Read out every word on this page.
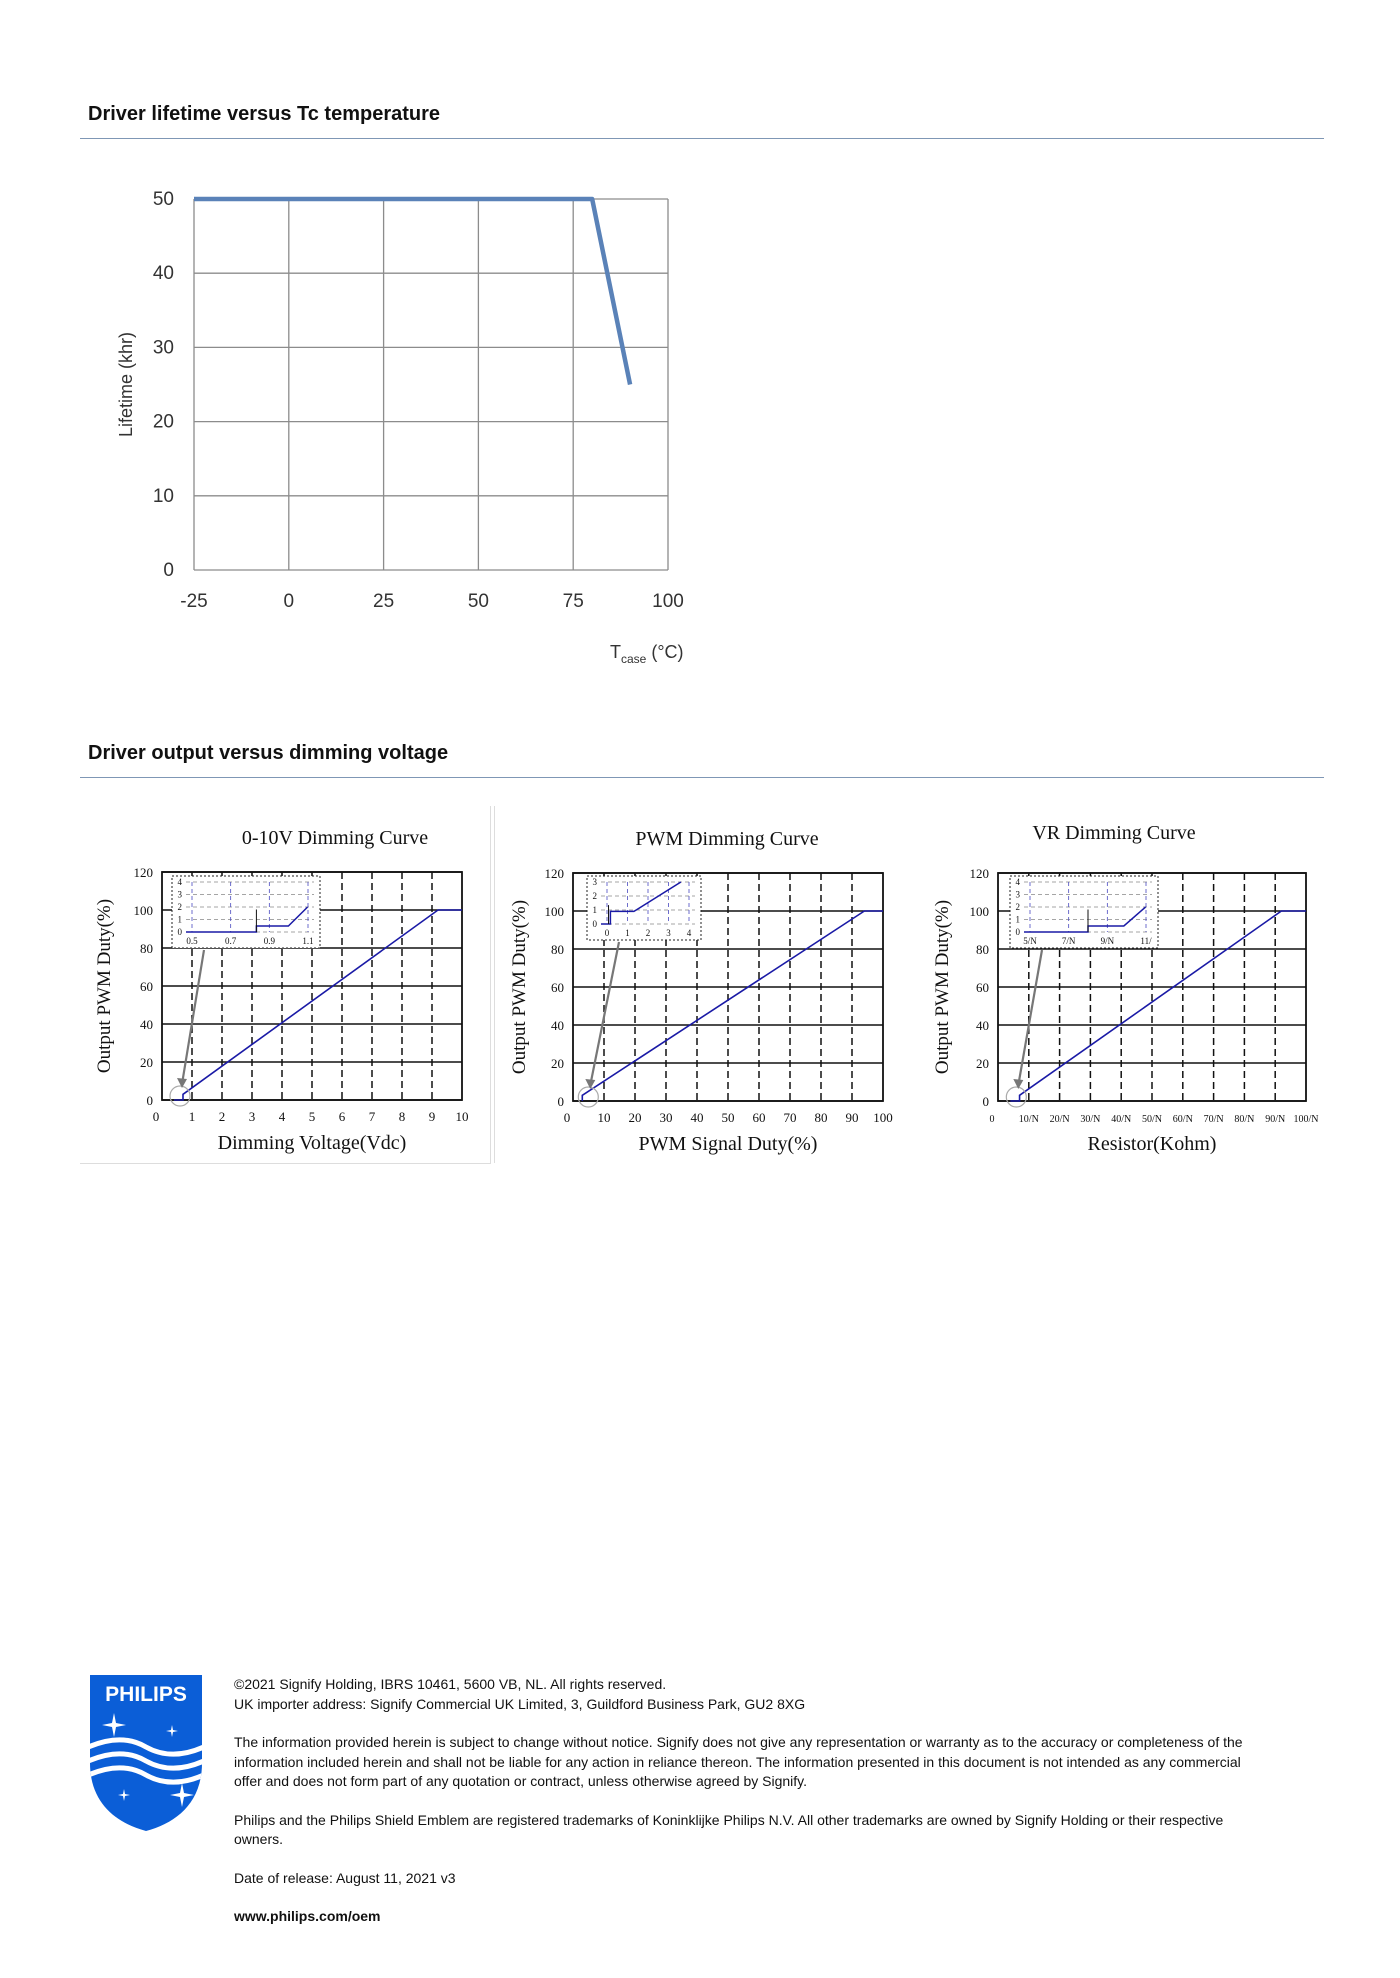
Driver lifetime versus Tc temperature
0
10
20
30
40
50
-25	0	25	50	75	100
Lifetime (khr)
$T_{case}$ (°C)
Driver output versus dimming voltage
0-10V Dimming Curve
0
20
40
60
80
100
120
0 1 2 3 4 5 6 7 8 9 10
Output PWM Duty(%)
Dimming Voltage(Vdc)
0
1
2
3
4
0.5	0.7	0.9	1.1
PWM Dimming Curve
0
20
40
60
80
100
120
0 10 20 30 40 50 60 70 80 90 100
Output PWM Duty(%)
PWM Signal Duty(%)
0
1
2
3
0 1 2 3 4
VR Dimming Curve
0
20
40
60
80
100
120
0 10/N 20/N 30/N 40/N 50/N 60/N 70/N 80/N 90/N 100/N
Output PWM Duty(%)
Resistor(Kohm)
0
1
2
3
4
5/N	7/N	9/N	11/
PHILIPS	©2021 Signify Holding, IBRS 10461, 5600 VB, NL. All rights reserved.

UK importer address: Signify Commercial UK Limited, 3, Guildford Business Park, GU2 8XG

The information provided herein is subject to change without notice. Signify does not give any representation or warranty as to the accuracy or completeness of the information included herein and shall not be liable for any action in reliance thereon. The information presented in this document is not intended as any commercial offer and does not form part of any quotation or contract, unless otherwise agreed by Signify.

Philips and the Philips Shield Emblem are registered trademarks of Koninklijke Philips N.V. All other trademarks are owned by Signify Holding or their respective owners.

Date of release: August 11, 2021 v3

www.philips.com/oem
